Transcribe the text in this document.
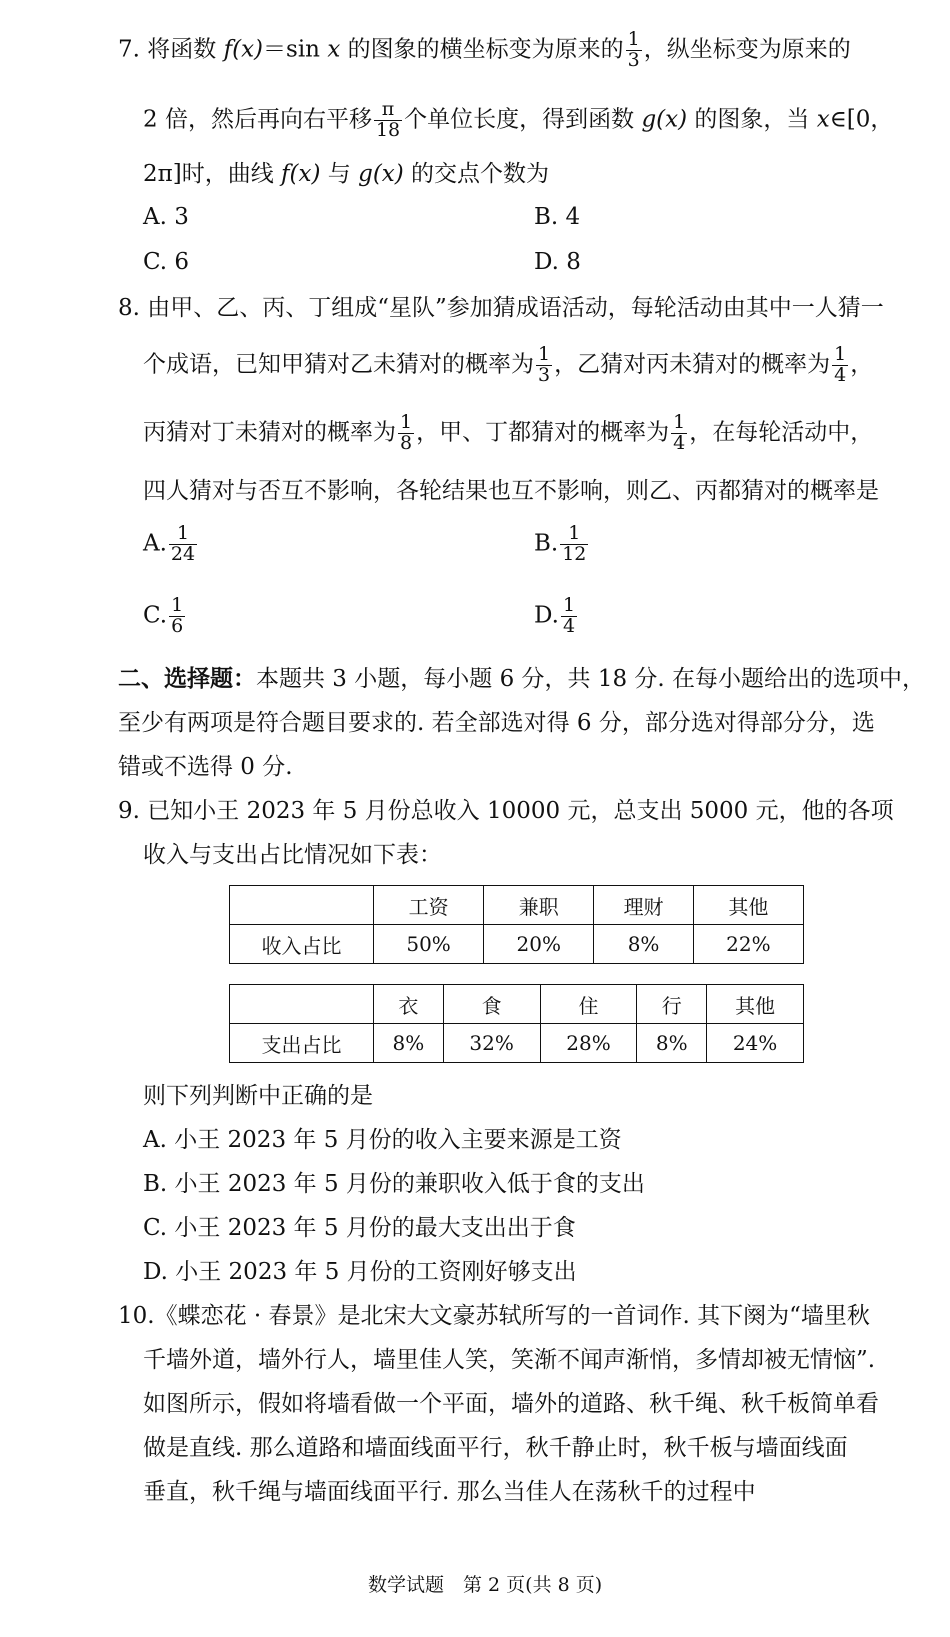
7. 将函数 f(x)＝sin x 的图象的横坐标变为原来的 $\frac{1}{3}$ ，纵坐标变为原来的
2 倍，然后再向右平移 $\frac{\pi}{18}$ 个单位长度，得到函数 g(x) 的图象，当 x∈[0，
2π]时，曲线 f(x) 与 g(x) 的交点个数为
A. 3	B. 4
C. 6	D. 8
8. 由甲、乙、丙、丁组成“星队”参加猜成语活动，每轮活动由其中一人猜一
个成语，已知甲猜对乙未猜对的概率为 $\frac{1}{3}$ ，乙猜对丙未猜对的概率为 $\frac{1}{4}$ ，
丙猜对丁未猜对的概率为 $\frac{1}{8}$ ，甲、丁都猜对的概率为 $\frac{1}{4}$ ，在每轮活动中，
四人猜对与否互不影响，各轮结果也互不影响，则乙、丙都猜对的概率是
A. $\frac{1}{24}$	B. $\frac{1}{12}$
C. $\frac{1}{6}$	D. $\frac{1}{4}$
二、选择题：本题共 3 小题，每小题 6 分，共 18 分. 在每小题给出的选项中，
至少有两项是符合题目要求的. 若全部选对得 6 分，部分选对得部分分，选
错或不选得 0 分.
9. 已知小王 2023 年 5 月份总收入 10000 元，总支出 5000 元，他的各项
收入与支出占比情况如下表：
	工资	兼职	理财	其他
收入占比	50%	20%	8%	22%
	衣	食	住	行	其他
支出占比	8%	32%	28%	8%	24%
则下列判断中正确的是
A. 小王 2023 年 5 月份的收入主要来源是工资
B. 小王 2023 年 5 月份的兼职收入低于食的支出
C. 小王 2023 年 5 月份的最大支出出于食
D. 小王 2023 年 5 月份的工资刚好够支出
10.《蝶恋花 · 春景》是北宋大文豪苏轼所写的一首词作. 其下阕为“墙里秋
千墙外道，墙外行人，墙里佳人笑，笑渐不闻声渐悄，多情却被无情恼”.
如图所示，假如将墙看做一个平面，墙外的道路、秋千绳、秋千板简单看
做是直线. 那么道路和墙面线面平行，秋千静止时，秋千板与墙面线面
垂直，秋千绳与墙面线面平行. 那么当佳人在荡秋千的过程中
数学试题　第 2 页(共 8 页)
